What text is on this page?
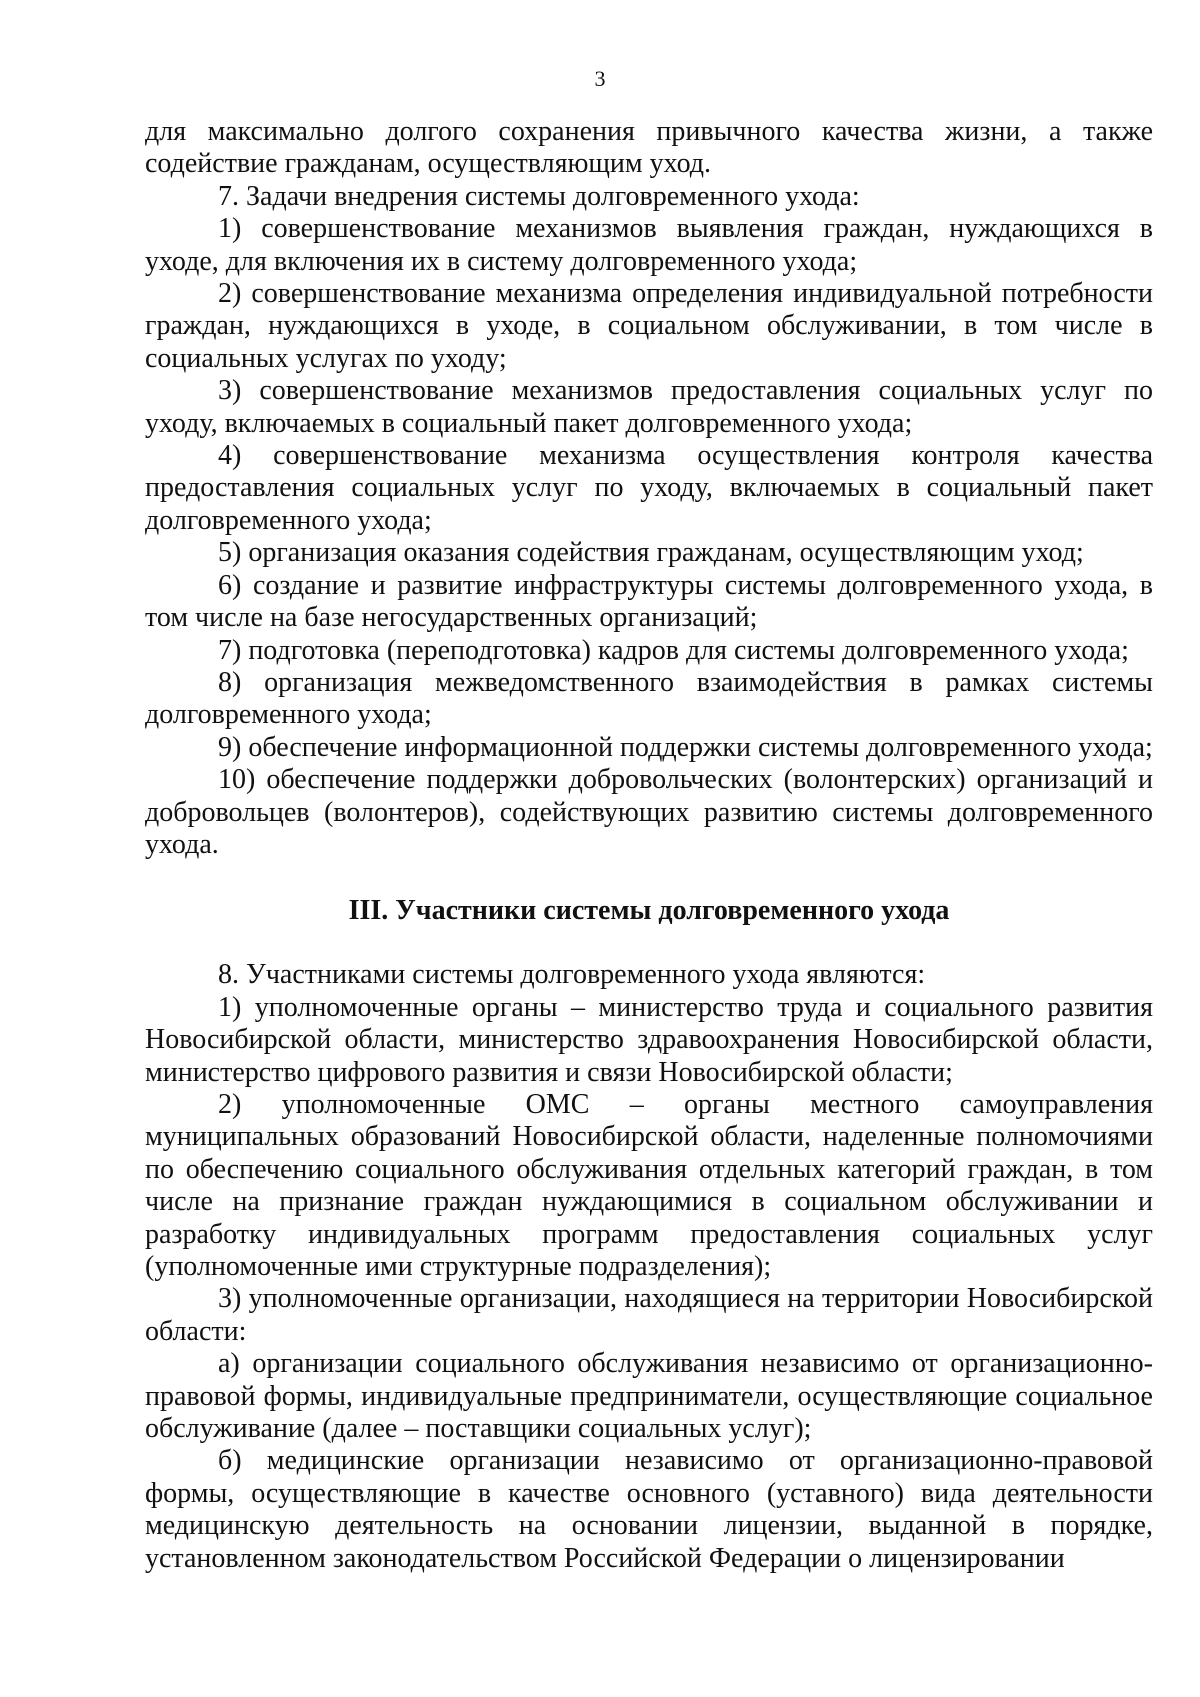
3

для максимально долгого сохранения привычного качества жизни, а также содействие гражданам, осуществляющим уход.

7. Задачи внедрения системы долговременного ухода:

1) совершенствование механизмов выявления граждан, нуждающихся в уходе, для включения их в систему долговременного ухода;

2) совершенствование механизма определения индивидуальной потребности граждан, нуждающихся в уходе, в социальном обслуживании, в том числе в социальных услугах по уходу;

3) совершенствование механизмов предоставления социальных услуг по уходу, включаемых в социальный пакет долговременного ухода;

4) совершенствование механизма осуществления контроля качества предоставления социальных услуг по уходу, включаемых в социальный пакет долговременного ухода;

5) организация оказания содействия гражданам, осуществляющим уход;

6) создание и развитие инфраструктуры системы долговременного ухода, в том числе на базе негосударственных организаций;

7) подготовка (переподготовка) кадров для системы долговременного ухода;

8) организация межведомственного взаимодействия в рамках системы долговременного ухода;

9) обеспечение информационной поддержки системы долговременного ухода;

10) обеспечение поддержки добровольческих (волонтерских) организаций и добровольцев (волонтеров), содействующих развитию системы долговременного ухода.

III. Участники системы долговременного ухода

8. Участниками системы долговременного ухода являются:

1) уполномоченные органы – министерство труда и социального развития Новосибирской области, министерство здравоохранения Новосибирской области, министерство цифрового развития и связи Новосибирской области;

2) уполномоченные ОМС – органы местного самоуправления муниципальных образований Новосибирской области, наделенные полномочиями по обеспечению социального обслуживания отдельных категорий граждан, в том числе на признание граждан нуждающимися в социальном обслуживании и разработку индивидуальных программ предоставления социальных услуг (уполномоченные ими структурные подразделения);

3) уполномоченные организации, находящиеся на территории Новосибирской области:

а) организации социального обслуживания независимо от организационно-правовой формы, индивидуальные предприниматели, осуществляющие социальное обслуживание (далее – поставщики социальных услуг);

б) медицинские организации независимо от организационно-правовой формы, осуществляющие в качестве основного (уставного) вида деятельности медицинскую деятельность на основании лицензии, выданной в порядке, установленном законодательством Российской Федерации о лицензировании
